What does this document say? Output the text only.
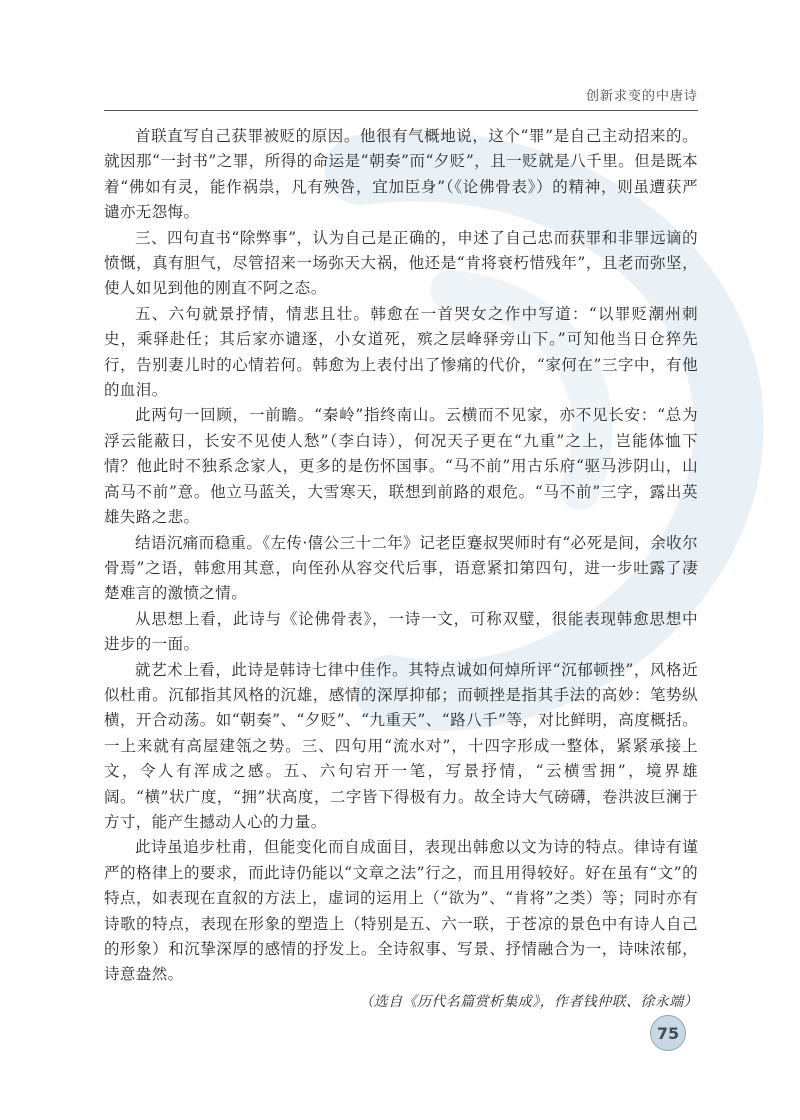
创新求变的中唐诗

首联直写自己获罪被贬的原因。他很有气概地说，这个“罪”是自己主动招来的。就因那“一封书”之罪，所得的命运是“朝奏”而“夕贬”，且一贬就是八千里。但是既本着“佛如有灵，能作祸祟，凡有殃咎，宜加臣身”（《论佛骨表》）的精神，则虽遭获严谴亦无怨悔。

三、四句直书“除弊事”，认为自己是正确的，申述了自己忠而获罪和非罪远谪的愤慨，真有胆气，尽管招来一场弥天大祸，他还是“肯将衰朽惜残年”，且老而弥坚，使人如见到他的刚直不阿之态。

五、六句就景抒情，情悲且壮。韩愈在一首哭女之作中写道：“以罪贬潮州刺史，乘驿赴任；其后家亦谴逐，小女道死，殡之层峰驿旁山下。”可知他当日仓猝先行，告别妻儿时的心情若何。韩愈为上表付出了惨痛的代价，“家何在”三字中，有他的血泪。

此两句一回顾，一前瞻。“秦岭”指终南山。云横而不见家，亦不见长安：“总为浮云能蔽日，长安不见使人愁”（李白诗），何况天子更在“九重”之上，岂能体恤下情？他此时不独系念家人，更多的是伤怀国事。“马不前”用古乐府“驱马涉阴山，山高马不前”意。他立马蓝关，大雪寒天，联想到前路的艰危。“马不前”三字，露出英雄失路之悲。

结语沉痛而稳重。《左传·僖公三十二年》记老臣蹇叔哭师时有“必死是间，余收尔骨焉”之语，韩愈用其意，向侄孙从容交代后事，语意紧扣第四句，进一步吐露了凄楚难言的激愤之情。

从思想上看，此诗与《论佛骨表》，一诗一文，可称双璧，很能表现韩愈思想中进步的一面。

就艺术上看，此诗是韩诗七律中佳作。其特点诚如何焯所评“沉郁顿挫”，风格近似杜甫。沉郁指其风格的沉雄，感情的深厚抑郁；而顿挫是指其手法的高妙：笔势纵横，开合动荡。如“朝奏”、“夕贬”、“九重天”、“路八千”等，对比鲜明，高度概括。一上来就有高屋建瓴之势。三、四句用“流水对”，十四字形成一整体，紧紧承接上文，令人有浑成之感。五、六句宕开一笔，写景抒情，“云横雪拥”，境界雄阔。“横”状广度，“拥”状高度，二字皆下得极有力。故全诗大气磅礴，卷洪波巨澜于方寸，能产生撼动人心的力量。

此诗虽追步杜甫，但能变化而自成面目，表现出韩愈以文为诗的特点。律诗有谨严的格律上的要求，而此诗仍能以“文章之法”行之，而且用得较好。好在虽有“文”的特点，如表现在直叙的方法上，虚词的运用上（“欲为”、“肯将”之类）等；同时亦有诗歌的特点，表现在形象的塑造上（特别是五、六一联，于苍凉的景色中有诗人自己的形象）和沉挚深厚的感情的抒发上。全诗叙事、写景、抒情融合为一，诗味浓郁，诗意盎然。

（选自《历代名篇赏析集成》，作者钱仲联、徐永端）

75
